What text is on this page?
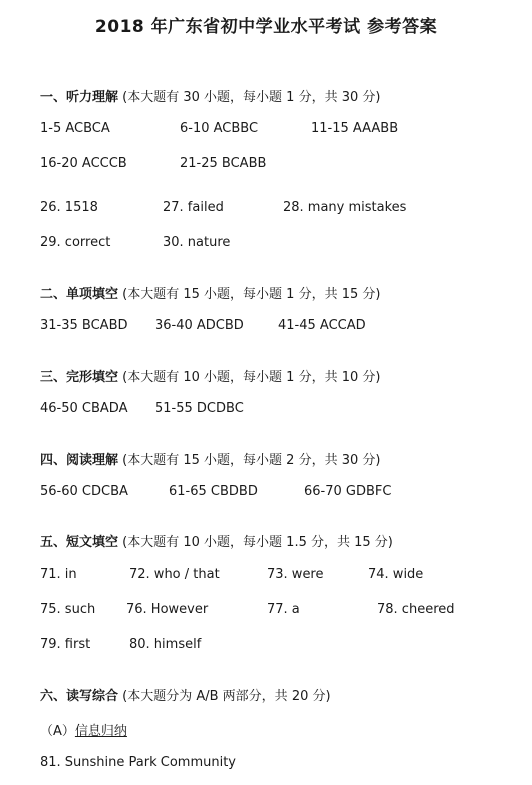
2018 年广东省初中学业水平考试 参考答案
一、听力理解 (本大题有 30 小题，每小题 1 分，共 30 分)
1-5 ACBCA	6-10 ACBBC	11-15 AAABB
16-20 ACCCB	21-25 BCABB
26. 1518	27. failed	28. many mistakes
29. correct	30. nature
二、单项填空 (本大题有 15 小题，每小题 1 分，共 15 分)
31-35 BCABD 36-40 ADCBD	41-45 ACCAD
三、完形填空 (本大题有 10 小题，每小题 1 分，共 10 分)
46-50 CBADA 51-55 DCDBC
四、阅读理解 (本大题有 15 小题，每小题 2 分，共 30 分)
56-60 CDCBA	61-65 CBDBD	66-70 GDBFC
五、短文填空 (本大题有 10 小题，每小题 1.5 分，共 15 分)
71. in	72. who / that	73. were	74. wide
75. such 76. However	77. a	78. cheered
79. first	80. himself
六、读写综合 (本大题分为 A/B 两部分，共 20 分)
（A）信息归纳
81. Sunshine Park Community
